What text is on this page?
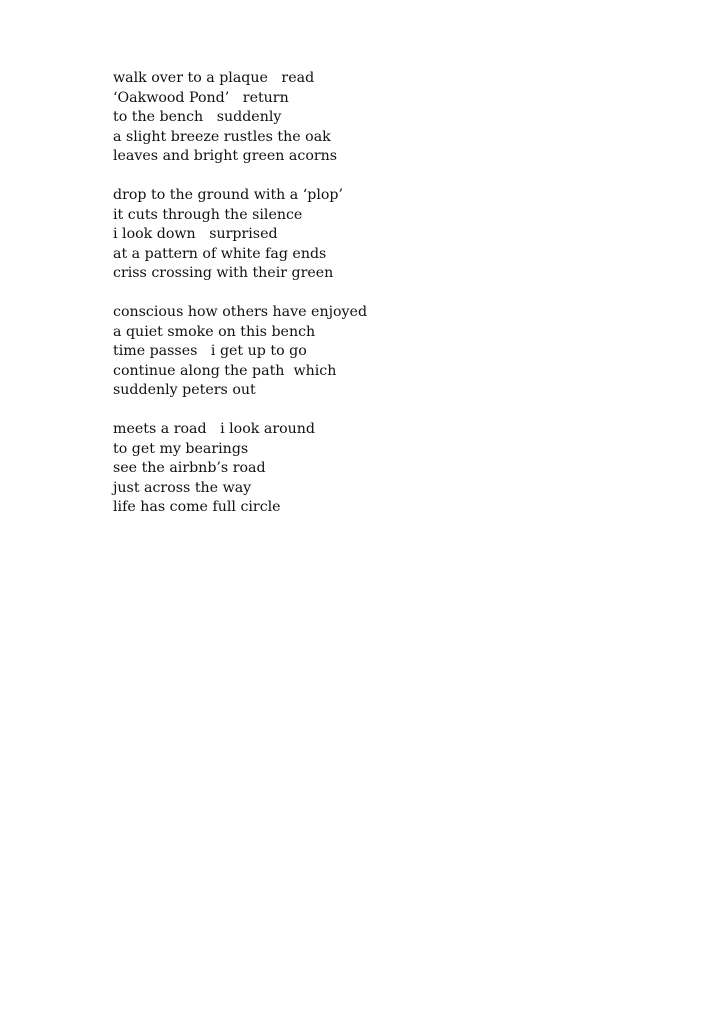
walk over to a plaque   read
‘Oakwood Pond’   return
to the bench   suddenly
a slight breeze rustles the oak
leaves and bright green acorns
drop to the ground with a ‘plop’
it cuts through the silence
i look down   surprised
at a pattern of white fag ends
criss crossing with their green
conscious how others have enjoyed
a quiet smoke on this bench
time passes   i get up to go
continue along the path  which
suddenly peters out
meets a road   i look around
to get my bearings
see the airbnb’s road
just across the way
life has come full circle
